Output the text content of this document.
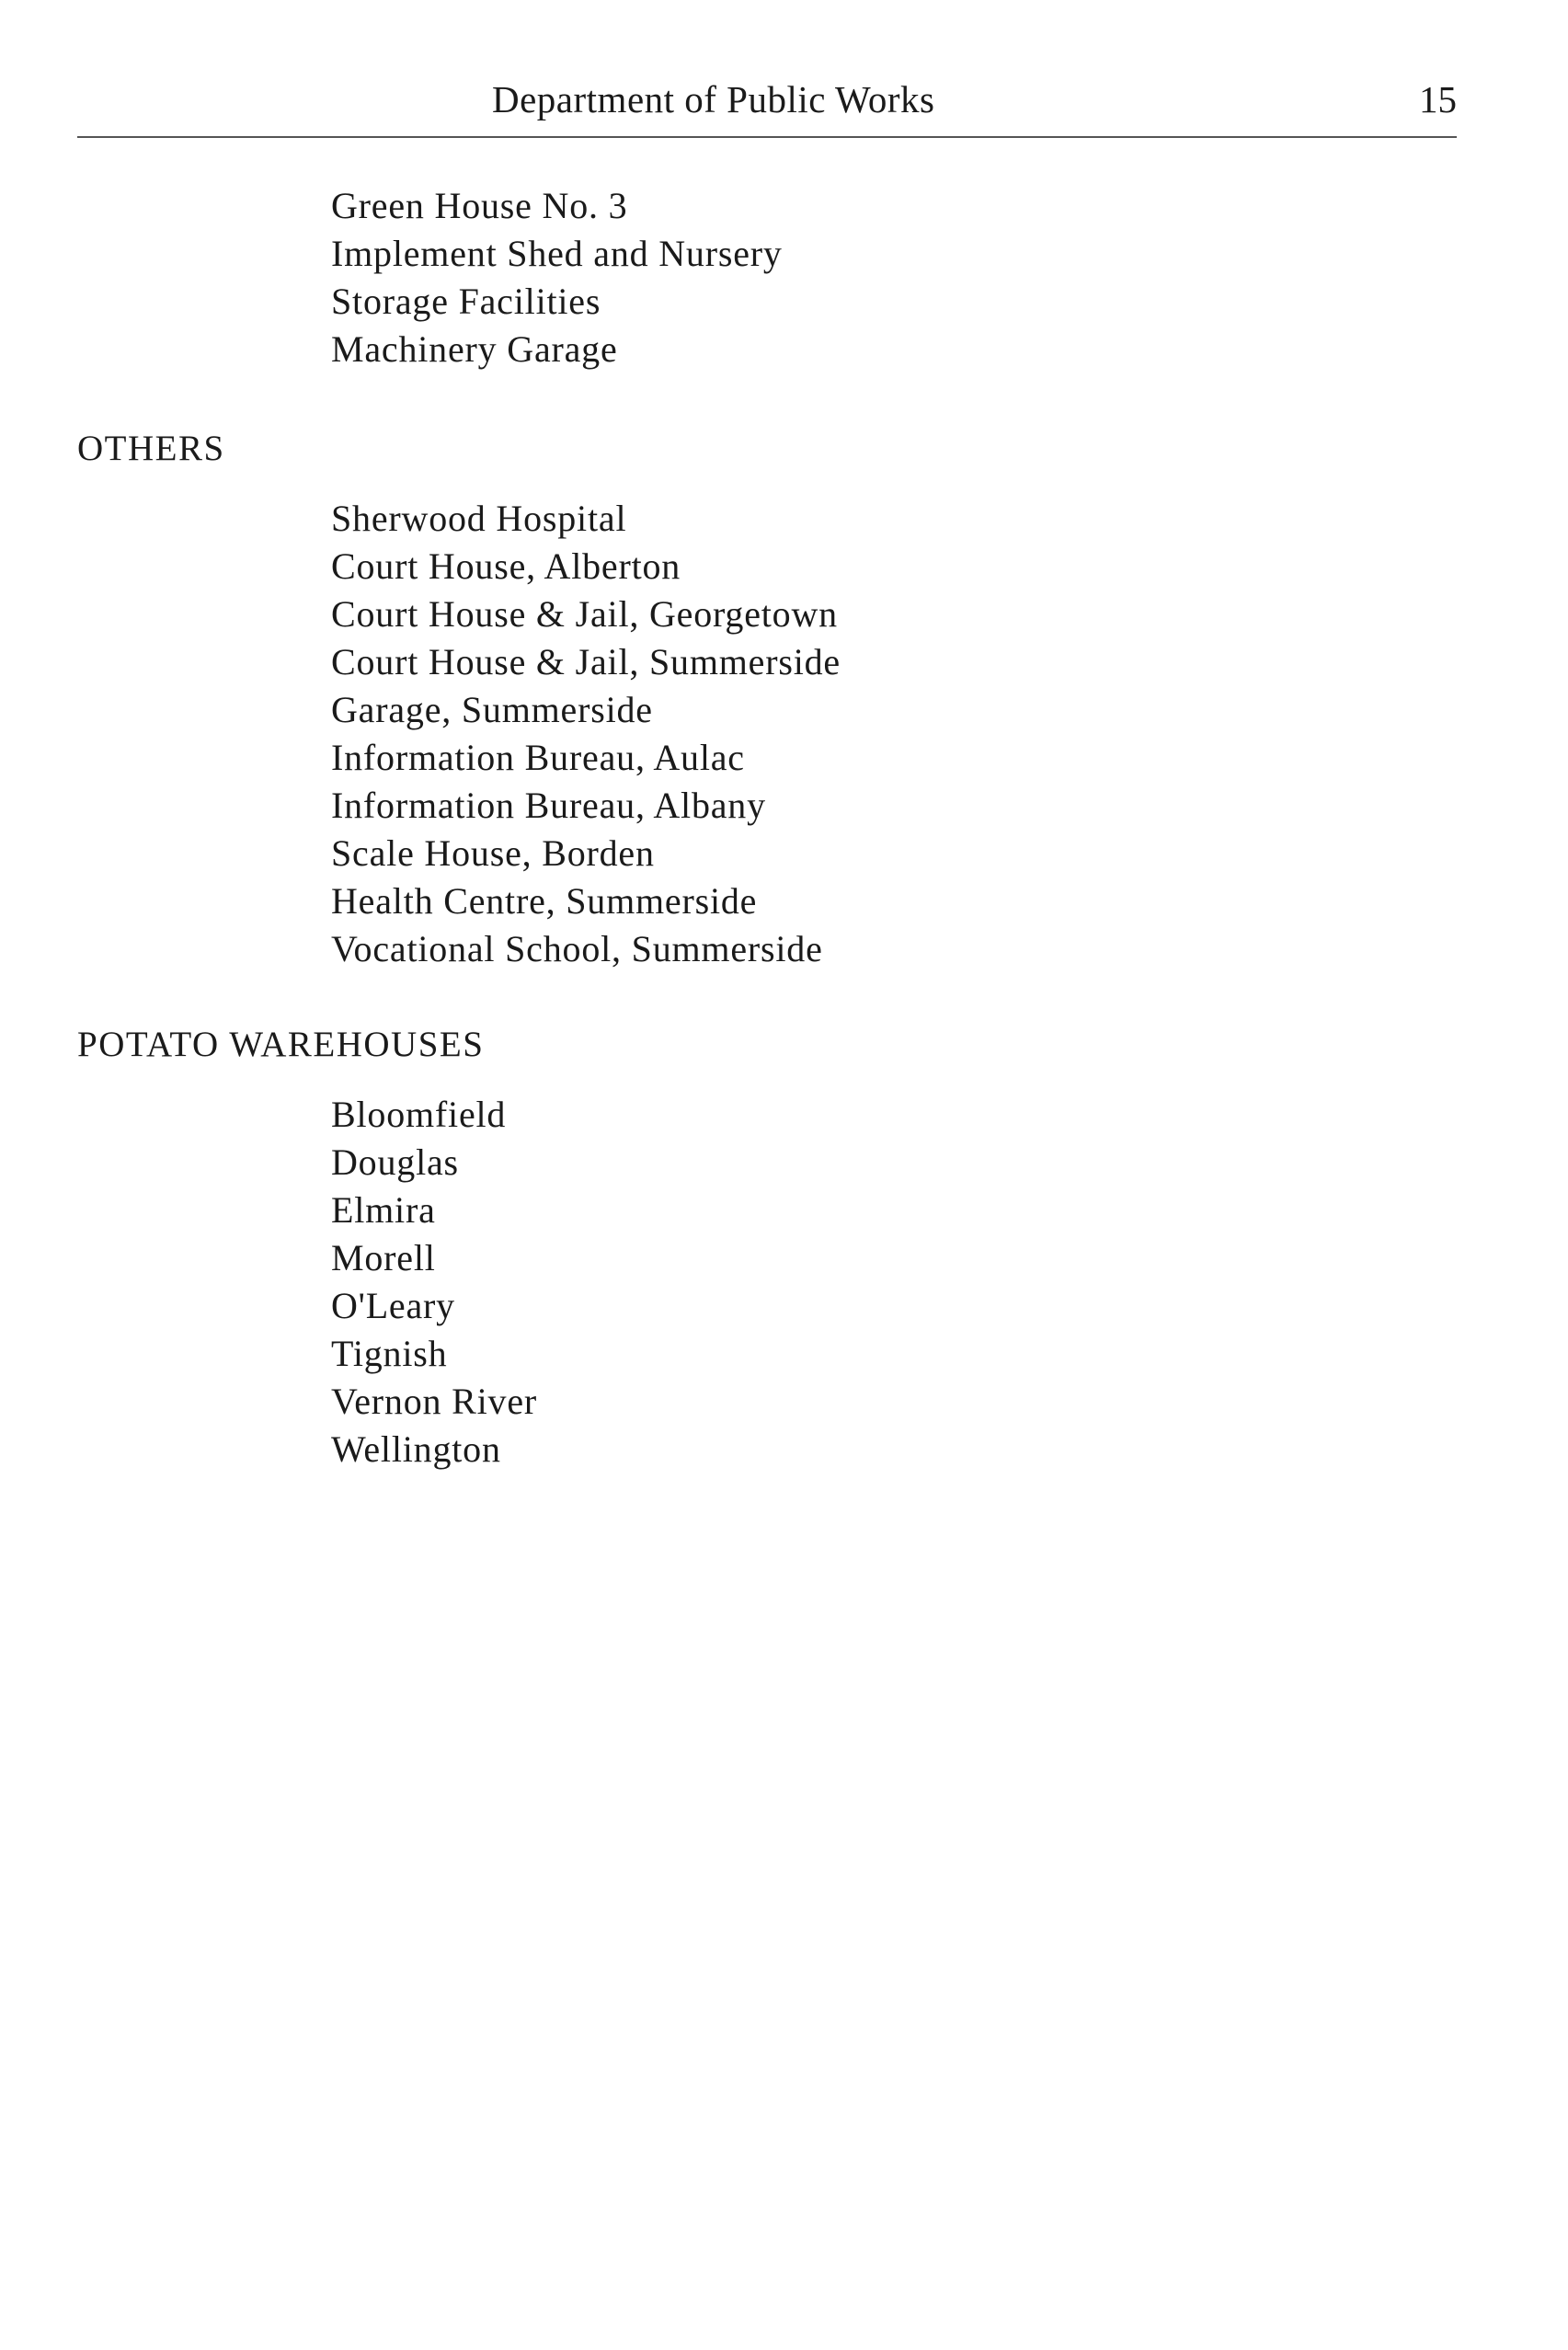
Department of Public Works	15
Green House No. 3
Implement Shed and Nursery
Storage Facilities
Machinery Garage
OTHERS
Sherwood Hospital
Court House, Alberton
Court House & Jail, Georgetown
Court House & Jail, Summerside
Garage, Summerside
Information Bureau, Aulac
Information Bureau, Albany
Scale House, Borden
Health Centre, Summerside
Vocational School, Summerside
POTATO WAREHOUSES
Bloomfield
Douglas
Elmira
Morell
O'Leary
Tignish
Vernon River
Wellington
